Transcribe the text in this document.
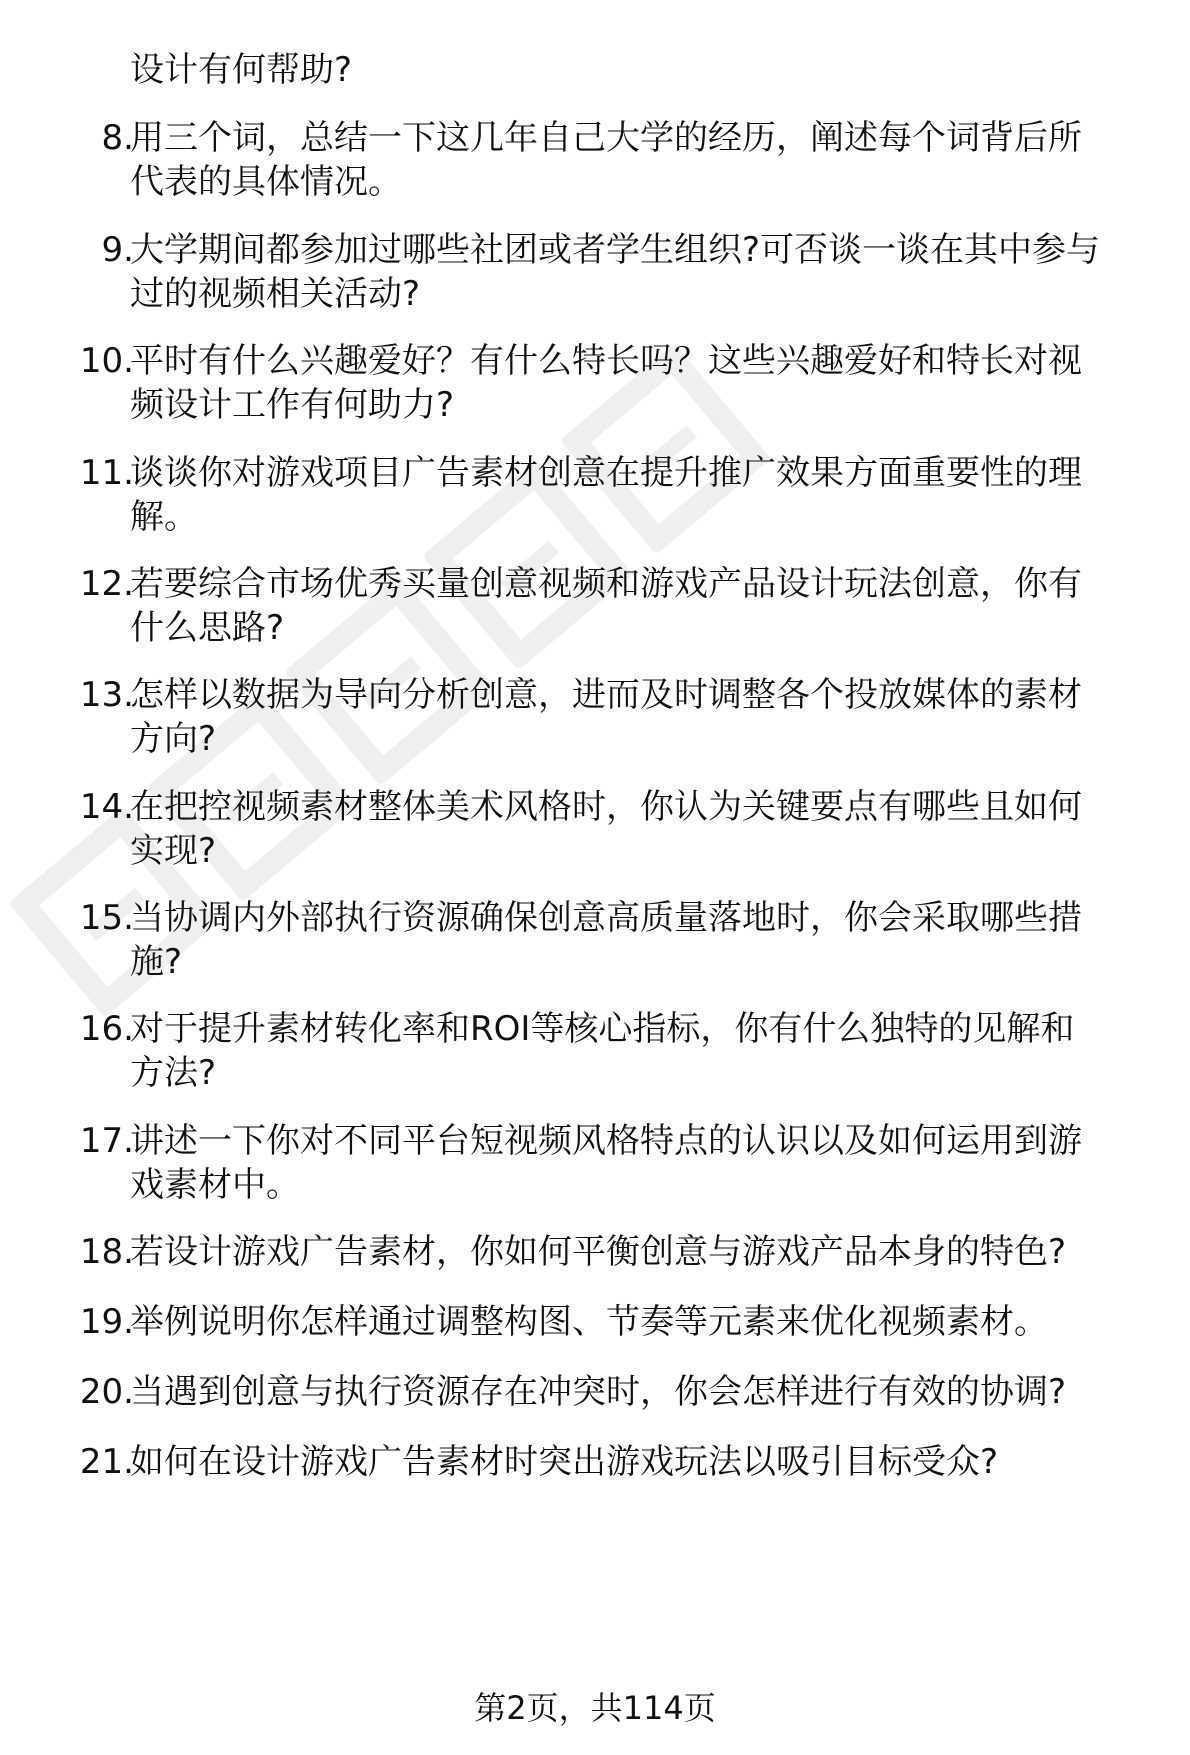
设计有何帮助?
8.
用三个词，总结一下这几年自己大学的经历，阐述每个词背后所
代表的具体情况。
9.
大学期间都参加过哪些社团或者学生组织?可否谈一谈在其中参与
过的视频相关活动?
10.
平时有什么兴趣爱好？有什么特长吗？这些兴趣爱好和特长对视
频设计工作有何助力?
11.
谈谈你对游戏项目广告素材创意在提升推广效果方面重要性的理
解。
12.
若要综合市场优秀买量创意视频和游戏产品设计玩法创意，你有
什么思路?
13.
怎样以数据为导向分析创意，进而及时调整各个投放媒体的素材
方向?
14.
在把控视频素材整体美术风格时，你认为关键要点有哪些且如何
实现?
15.
当协调内外部执行资源确保创意高质量落地时，你会采取哪些措
施?
16.
对于提升素材转化率和ROI等核心指标，你有什么独特的见解和
方法?
17.
讲述一下你对不同平台短视频风格特点的认识以及如何运用到游
戏素材中。
18.
若设计游戏广告素材，你如何平衡创意与游戏产品本身的特色?
19.
举例说明你怎样通过调整构图、节奏等元素来优化视频素材。
20.
当遇到创意与执行资源存在冲突时，你会怎样进行有效的协调?
21.
如何在设计游戏广告素材时突出游戏玩法以吸引目标受众?
第2页，共114页
